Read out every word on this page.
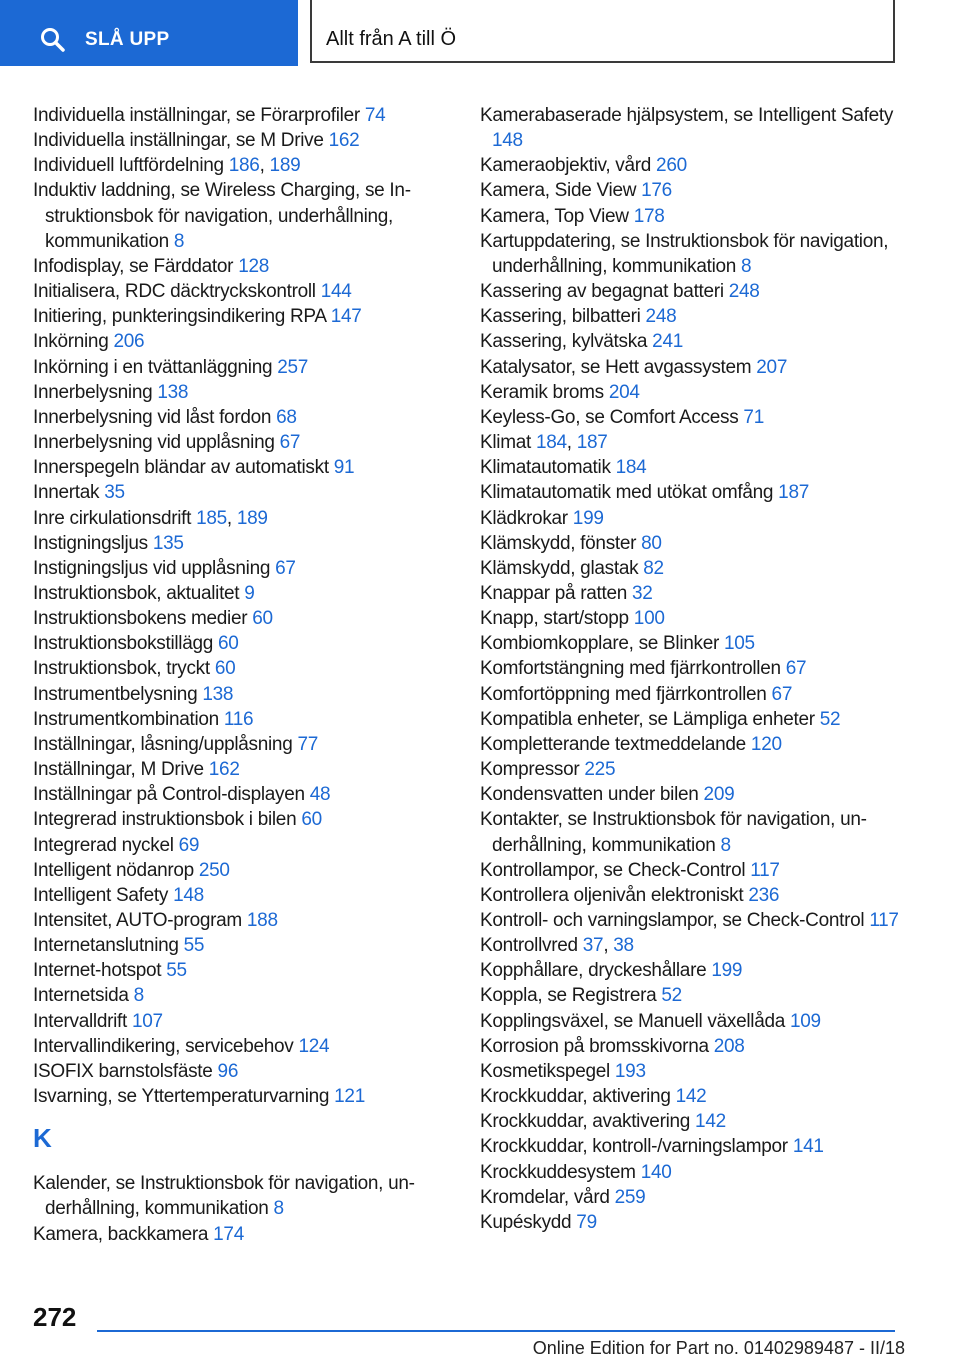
SLÅ UPP	Allt från A till Ö
Individuella inställningar, se Förarprofiler 74
Individuella inställningar, se M Drive 162
Individuell luftfördelning 186, 189
Induktiv laddning, se Wireless Charging, se Instruktionsbok för navigation, underhållning, kommunikation 8
Infodisplay, se Färddator 128
Initialisera, RDC däcktryckskontroll 144
Initiering, punkteringsindikering RPA 147
Inkörning 206
Inkörning i en tvättanläggning 257
Innerbelysning 138
Innerbelysning vid låst fordon 68
Innerbelysning vid upplåsning 67
Innerspegeln bländar av automatiskt 91
Innertak 35
Inre cirkulationsdrift 185, 189
Instigningsljus 135
Instigningsljus vid upplåsning 67
Instruktionsbok, aktualitet 9
Instruktionsbokens medier 60
Instruktionsbokstillägg 60
Instruktionsbok, tryckt 60
Instrumentbelysning 138
Instrumentkombination 116
Inställningar, låsning/upplåsning 77
Inställningar, M Drive 162
Inställningar på Control-displayen 48
Integrerad instruktionsbok i bilen 60
Integrerad nyckel 69
Intelligent nödanrop 250
Intelligent Safety 148
Intensitet, AUTO-program 188
Internetanslutning 55
Internet-hotspot 55
Internetsida 8
Intervalldrift 107
Intervallindikering, servicebehov 124
ISOFIX barnstolsfäste 96
Isvarning, se Yttertemperaturvarning 121
K
Kalender, se Instruktionsbok för navigation, underhållning, kommunikation 8
Kamera, backkamera 174
Kamerabaserade hjälpsystem, se Intelligent Safety 148
Kameraobjektiv, vård 260
Kamera, Side View 176
Kamera, Top View 178
Kartuppdatering, se Instruktionsbok för navigation, underhållning, kommunikation 8
Kassering av begagnat batteri 248
Kassering, bilbatteri 248
Kassering, kylvätska 241
Katalysator, se Hett avgassystem 207
Keramik broms 204
Keyless-Go, se Comfort Access 71
Klimat 184, 187
Klimatautomatik 184
Klimatautomatik med utökat omfång 187
Klädkrokar 199
Klämskydd, fönster 80
Klämskydd, glastak 82
Knappar på ratten 32
Knapp, start/stopp 100
Kombiomkopplare, se Blinker 105
Komfortstängning med fjärrkontrollen 67
Komfortöppning med fjärrkontrollen 67
Kompatibla enheter, se Lämpliga enheter 52
Kompletterande textmeddelande 120
Kompressor 225
Kondensvatten under bilen 209
Kontakter, se Instruktionsbok för navigation, underhållning, kommunikation 8
Kontrollampor, se Check-Control 117
Kontrollera oljenivån elektroniskt 236
Kontroll- och varningslampor, se Check-Control 117
Kontrollvred 37, 38
Kopphållare, dryckeshållare 199
Koppla, se Registrera 52
Kopplingsväxel, se Manuell växellåda 109
Korrosion på bromsskivorna 208
Kosmetikspegel 193
Krockkuddar, aktivering 142
Krockkuddar, avaktivering 142
Krockkuddar, kontroll-/varningslampor 141
Krockkuddesystem 140
Kromdelar, vård 259
Kupéskydd 79
272
Online Edition for Part no. 01402989487 - II/18
